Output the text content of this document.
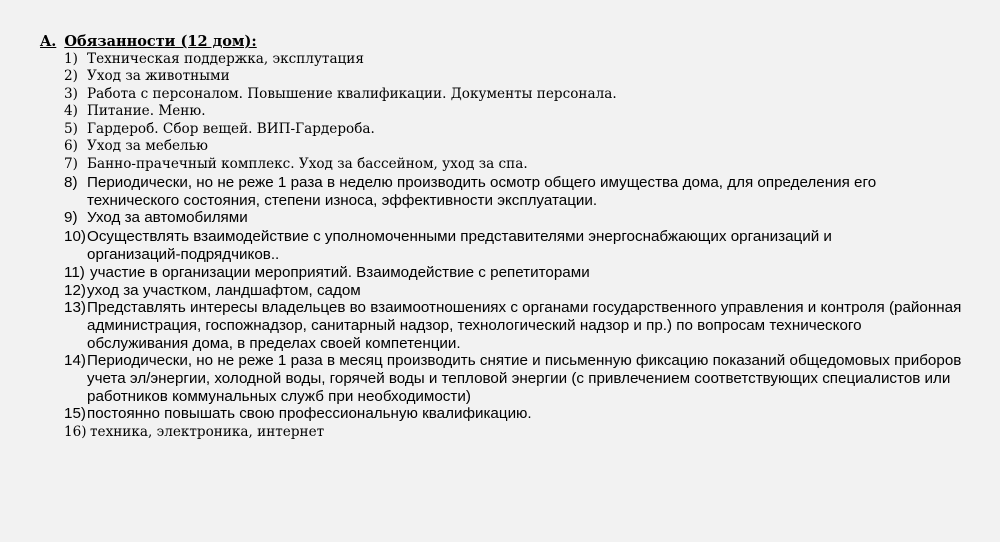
A. Обязанности (12 дом):
1) Техническая поддержка, эксплутация
2) Уход за животными
3) Работа с персоналом. Повышение квалификации. Документы персонала.
4) Питание. Меню.
5) Гардероб. Сбор вещей. ВИП-Гардероба.
6) Уход за мебелью
7) Банно-прачечный комплекс. Уход за бассейном, уход за спа.
8) Периодически, но не реже 1 раза в неделю производить осмотр общего имущества дома, для определения его
технического состояния, степени износа, эффективности эксплуатации.
9) Уход за автомобилями
10) Осуществлять взаимодействие с уполномоченными представителями энергоснабжающих организаций и
организаций-подрядчиков..
11) участие в организации мероприятий. Взаимодействие с репетиторами
12) уход за участком, ландшафтом, садом
13) Представлять интересы владельцев во взаимоотношениях с органами государственного управления и контроля (районная
администрация, госпожнадзор, санитарный надзор, технологический надзор и пр.) по вопросам технического
обслуживания дома, в пределах своей компетенции.
14) Периодически, но не реже 1 раза в месяц производить снятие и письменную фиксацию показаний общедомовых приборов
учета эл/энергии, холодной воды, горячей воды и тепловой энергии (с привлечением соответствующих специалистов или
работников коммунальных служб при необходимости)
15) постоянно повышать свою профессиональную квалификацию.
16) техника, электроника, интернет
